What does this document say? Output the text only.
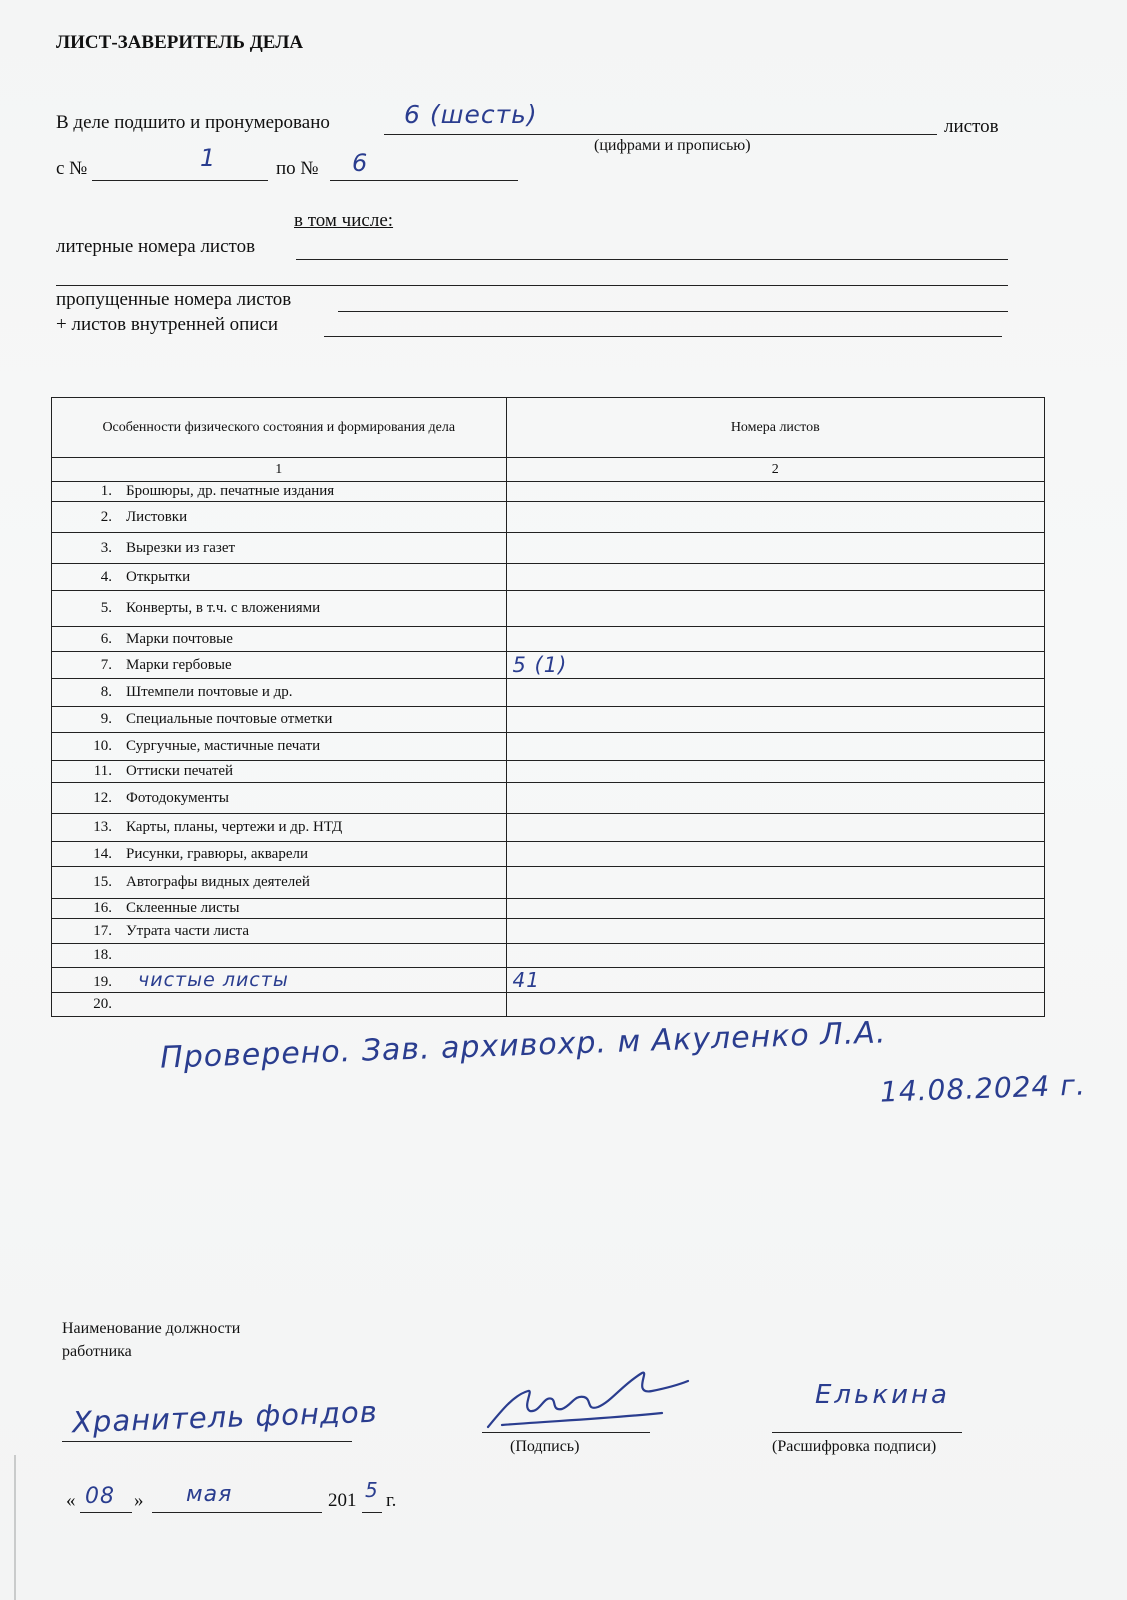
ЛИСТ-ЗАВЕРИТЕЛЬ ДЕЛА
В деле подшито и пронумеровано	6 (шесть)	листов
(цифрами и прописью)
с №	1	по № 6
в том числе:
литерные номера листов
пропущенные номера листов
+ листов внутренней описи
Особенности физического состояния и формирования дела	Номера листов
1	2
1. Брошюры, др. печатные издания	
2. Листовки	
3. Вырезки из газет	
4. Открытки	
5. Конверты, в т.ч. с вложениями	
6. Марки почтовые	
7. Марки гербовые	5 (1)
8. Штемпели почтовые и др.	
9. Специальные почтовые отметки	
10. Сургучные, мастичные печати	
11. Оттиски печатей	
12. Фотодокументы	
13. Карты, планы, чертежи и др. НТД	
14. Рисунки, гравюры, акварели	
15. Автографы видных деятелей	
16. Склеенные листы	
17. Утрата части листа	
18.	
19. чистые листы	41
20.	
Проверено. Зав. архивохр. м Акуленко Л.А.
14.08.2024 г.
Наименование должности
работника
Хранитель фондов
(Подпись)
Елькина
(Расшифровка подписи)
« 08 » мая	201 5 г.
